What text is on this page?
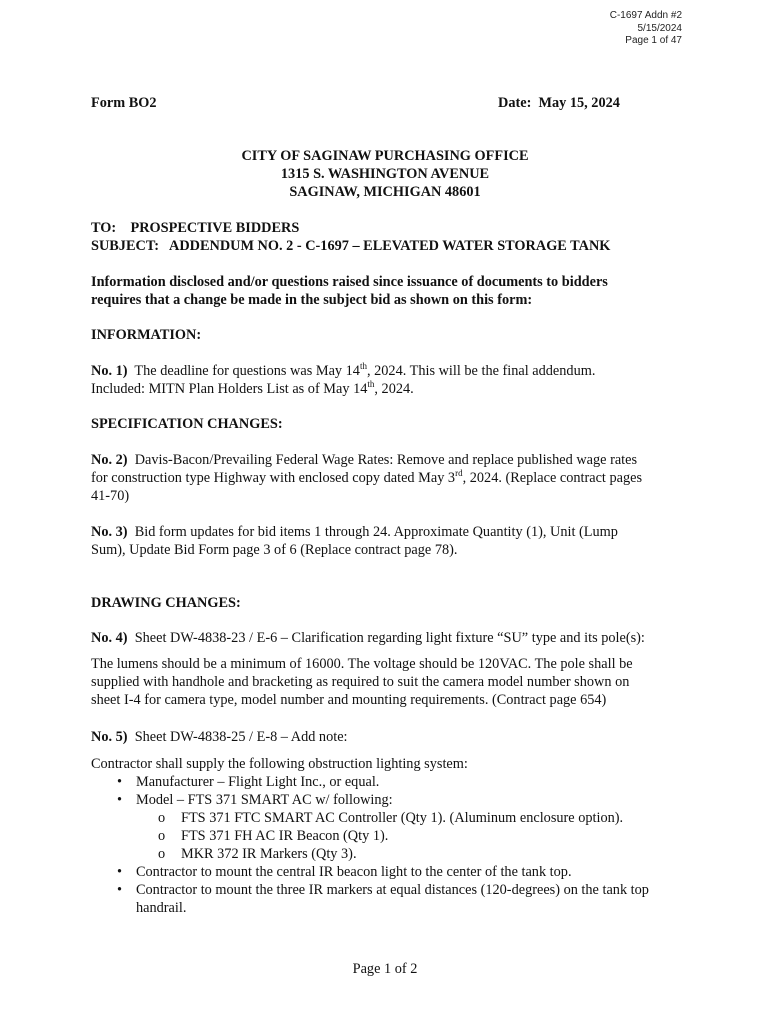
C-1697 Addn #2
5/15/2024
Page 1 of 47
Form BO2	Date: May 15, 2024
CITY OF SAGINAW PURCHASING OFFICE
1315 S. WASHINGTON AVENUE
SAGINAW, MICHIGAN 48601
TO: PROSPECTIVE BIDDERS
SUBJECT: ADDENDUM NO. 2 - C-1697 – ELEVATED WATER STORAGE TANK
Information disclosed and/or questions raised since issuance of documents to bidders
requires that a change be made in the subject bid as shown on this form:
INFORMATION:
No. 1) The deadline for questions was May 14th, 2024. This will be the final addendum.
Included: MITN Plan Holders List as of May 14th, 2024.
SPECIFICATION CHANGES:
No. 2) Davis-Bacon/Prevailing Federal Wage Rates: Remove and replace published wage rates
for construction type Highway with enclosed copy dated May 3rd, 2024. (Replace contract pages
41-70)
No. 3) Bid form updates for bid items 1 through 24. Approximate Quantity (1), Unit (Lump
Sum), Update Bid Form page 3 of 6 (Replace contract page 78).
DRAWING CHANGES:
No. 4) Sheet DW-4838-23 / E-6 – Clarification regarding light fixture “SU” type and its pole(s):
The lumens should be a minimum of 16000. The voltage should be 120VAC. The pole shall be
supplied with handhole and bracketing as required to suit the camera model number shown on
sheet I-4 for camera type, model number and mounting requirements. (Contract page 654)
No. 5) Sheet DW-4838-25 / E-8 – Add note:
Contractor shall supply the following obstruction lighting system:
• Manufacturer – Flight Light Inc., or equal.
• Model – FTS 371 SMART AC w/ following:
o FTS 371 FTC SMART AC Controller (Qty 1). (Aluminum enclosure option).
o FTS 371 FH AC IR Beacon (Qty 1).
o MKR 372 IR Markers (Qty 3).
• Contractor to mount the central IR beacon light to the center of the tank top.
• Contractor to mount the three IR markers at equal distances (120-degrees) on the tank top
handrail.
Page 1 of 2
